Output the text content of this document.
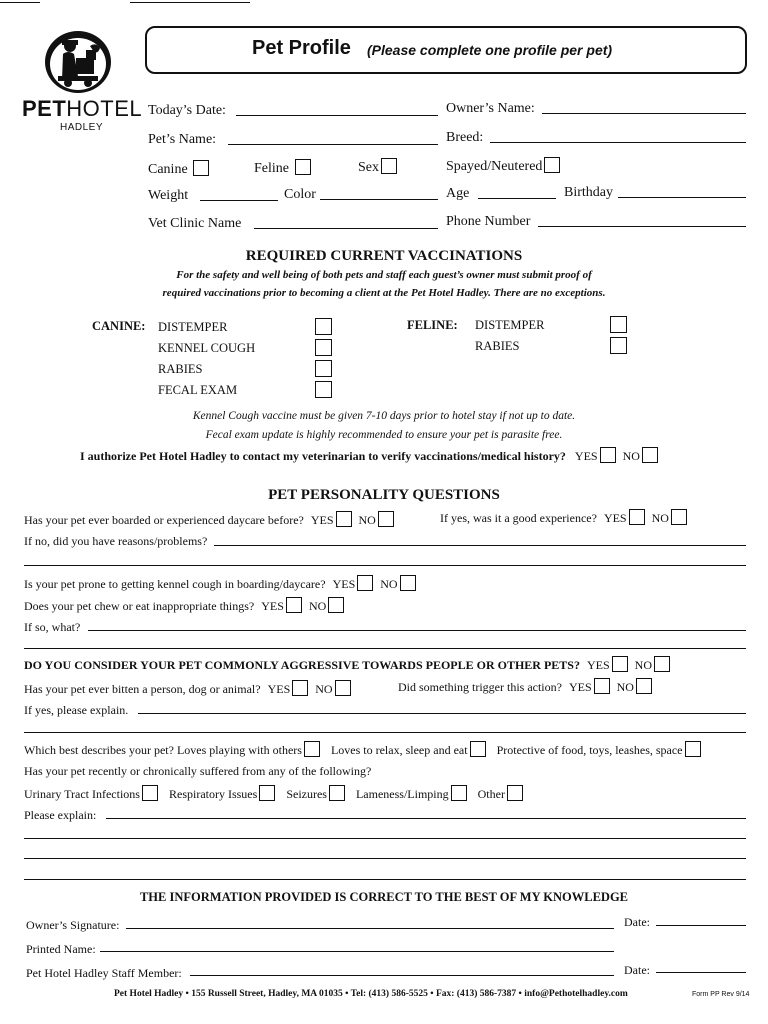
PETHOTEL
HADLEY
Pet Profile (Please complete one profile per pet)
Today’s Date:	Owner’s Name:
Pet’s Name:	Breed:
Canine	Feline	Sex	Spayed/Neutered
Weight	Color	Age	Birthday
Vet Clinic Name	Phone Number
REQUIRED CURRENT VACCINATIONS
For the safety and well being of both pets and staff each guest’s owner must submit proof of
required vaccinations prior to becoming a client at the Pet Hotel Hadley. There are no exceptions.
CANINE: DISTEMPER
KENNEL COUGH
RABIES
FECAL EXAM
FELINE: DISTEMPER
RABIES
Kennel Cough vaccine must be given 7-10 days prior to hotel stay if not up to date.
Fecal exam update is highly recommended to ensure your pet is parasite free.
I authorize Pet Hotel Hadley to contact my veterinarian to verify vaccinations/medical history? YES NO
PET PERSONALITY QUESTIONS
Has your pet ever boarded or experienced daycare before? YES NO	If yes, was it a good experience? YES NO
If no, did you have reasons/problems?
Is your pet prone to getting kennel cough in boarding/daycare? YES NO
Does your pet chew or eat inappropriate things? YES NO
If so, what?
DO YOU CONSIDER YOUR PET COMMONLY AGGRESSIVE TOWARDS PEOPLE OR OTHER PETS? YES NO
Has your pet ever bitten a person, dog or animal? YES NO	Did something trigger this action? YES NO
If yes, please explain.
Which best describes your pet? Loves playing with others Loves to relax, sleep and eat Protective of food, toys, leashes, space
Has your pet recently or chronically suffered from any of the following?
Urinary Tract Infections Respiratory Issues Seizures Lameness/Limping Other
Please explain:
THE INFORMATION PROVIDED IS CORRECT TO THE BEST OF MY KNOWLEDGE
Owner’s Signature:	Date:
Printed Name:
Pet Hotel Hadley Staff Member:	Date:
Pet Hotel Hadley • 155 Russell Street, Hadley, MA 01035 • Tel: (413) 586-5525 • Fax: (413) 586-7387 • info@Pethotelhadley.com	Form PP Rev 9/14
